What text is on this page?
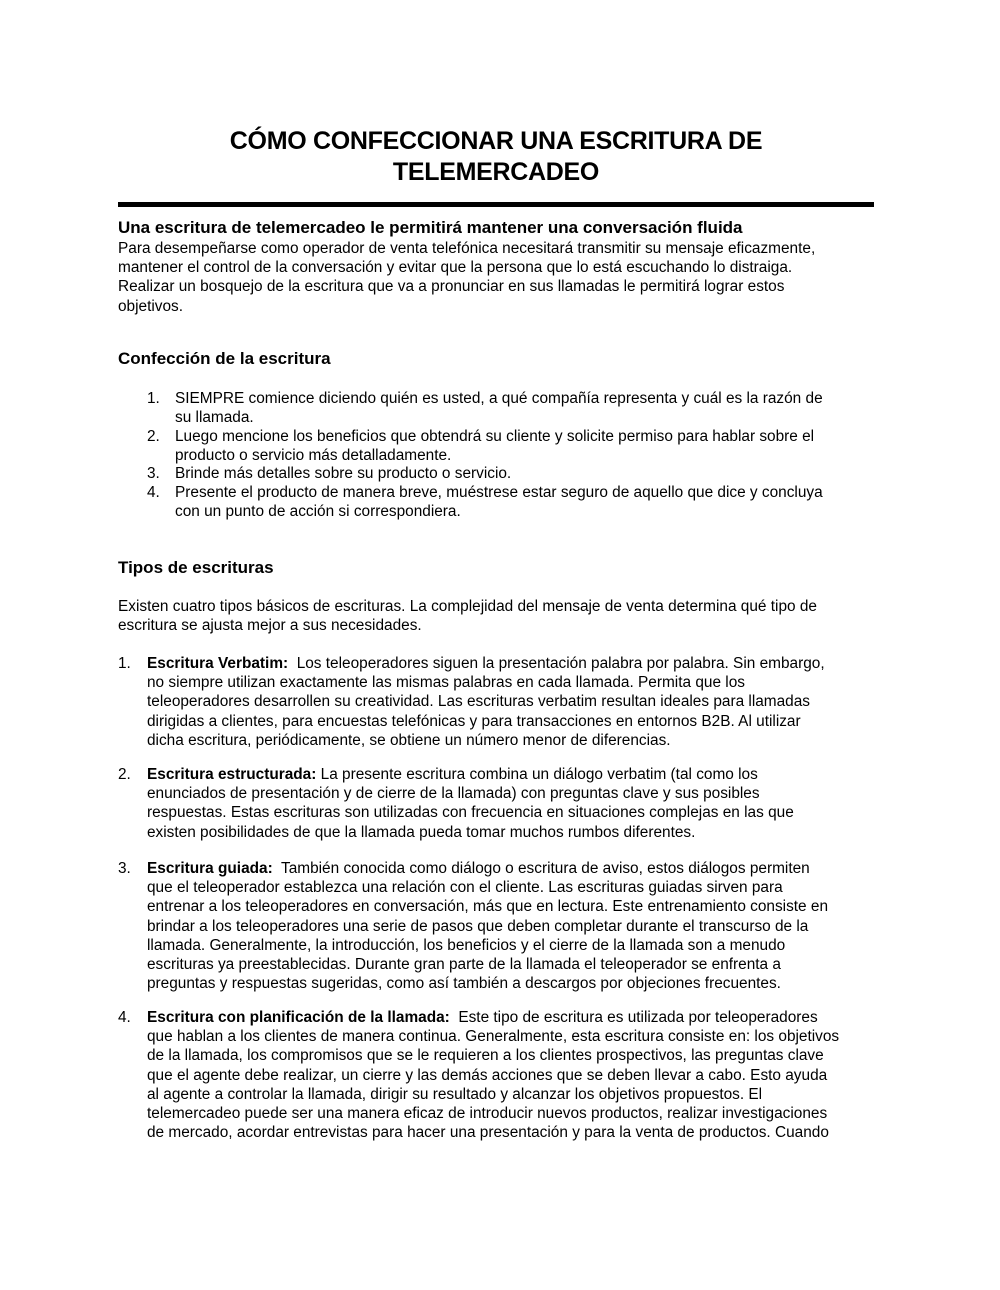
CÓMO CONFECCIONAR UNA ESCRITURA DE
TELEMERCADEO
Una escritura de telemercadeo le permitirá mantener una conversación fluida
Para desempeñarse como operador de venta telefónica necesitará transmitir su mensaje eficazmente,
mantener el control de la conversación y evitar que la persona que lo está escuchando lo distraiga.
Realizar un bosquejo de la escritura que va a pronunciar en sus llamadas le permitirá lograr estos
objetivos.
Confección de la escritura
1. SIEMPRE comience diciendo quién es usted, a qué compañía representa y cuál es la razón de
su llamada.
2. Luego mencione los beneficios que obtendrá su cliente y solicite permiso para hablar sobre el
producto o servicio más detalladamente.
3. Brinde más detalles sobre su producto o servicio.
4. Presente el producto de manera breve, muéstrese estar seguro de aquello que dice y concluya
con un punto de acción si correspondiera.
Tipos de escrituras
Existen cuatro tipos básicos de escrituras. La complejidad del mensaje de venta determina qué tipo de
escritura se ajusta mejor a sus necesidades.
1. Escritura Verbatim:  Los teleoperadores siguen la presentación palabra por palabra. Sin embargo,
no siempre utilizan exactamente las mismas palabras en cada llamada. Permita que los
teleoperadores desarrollen su creatividad. Las escrituras verbatim resultan ideales para llamadas
dirigidas a clientes, para encuestas telefónicas y para transacciones en entornos B2B. Al utilizar
dicha escritura, periódicamente, se obtiene un número menor de diferencias.
2. Escritura estructurada: La presente escritura combina un diálogo verbatim (tal como los
enunciados de presentación y de cierre de la llamada) con preguntas clave y sus posibles
respuestas. Estas escrituras son utilizadas con frecuencia en situaciones complejas en las que
existen posibilidades de que la llamada pueda tomar muchos rumbos diferentes.
3. Escritura guiada:  También conocida como diálogo o escritura de aviso, estos diálogos permiten
que el teleoperador establezca una relación con el cliente. Las escrituras guiadas sirven para
entrenar a los teleoperadores en conversación, más que en lectura. Este entrenamiento consiste en
brindar a los teleoperadores una serie de pasos que deben completar durante el transcurso de la
llamada. Generalmente, la introducción, los beneficios y el cierre de la llamada son a menudo
escrituras ya preestablecidas. Durante gran parte de la llamada el teleoperador se enfrenta a
preguntas y respuestas sugeridas, como así también a descargos por objeciones frecuentes.
4. Escritura con planificación de la llamada:  Este tipo de escritura es utilizada por teleoperadores
que hablan a los clientes de manera continua. Generalmente, esta escritura consiste en: los objetivos
de la llamada, los compromisos que se le requieren a los clientes prospectivos, las preguntas clave
que el agente debe realizar, un cierre y las demás acciones que se deben llevar a cabo. Esto ayuda
al agente a controlar la llamada, dirigir su resultado y alcanzar los objetivos propuestos. El
telemercadeo puede ser una manera eficaz de introducir nuevos productos, realizar investigaciones
de mercado, acordar entrevistas para hacer una presentación y para la venta de productos. Cuando
